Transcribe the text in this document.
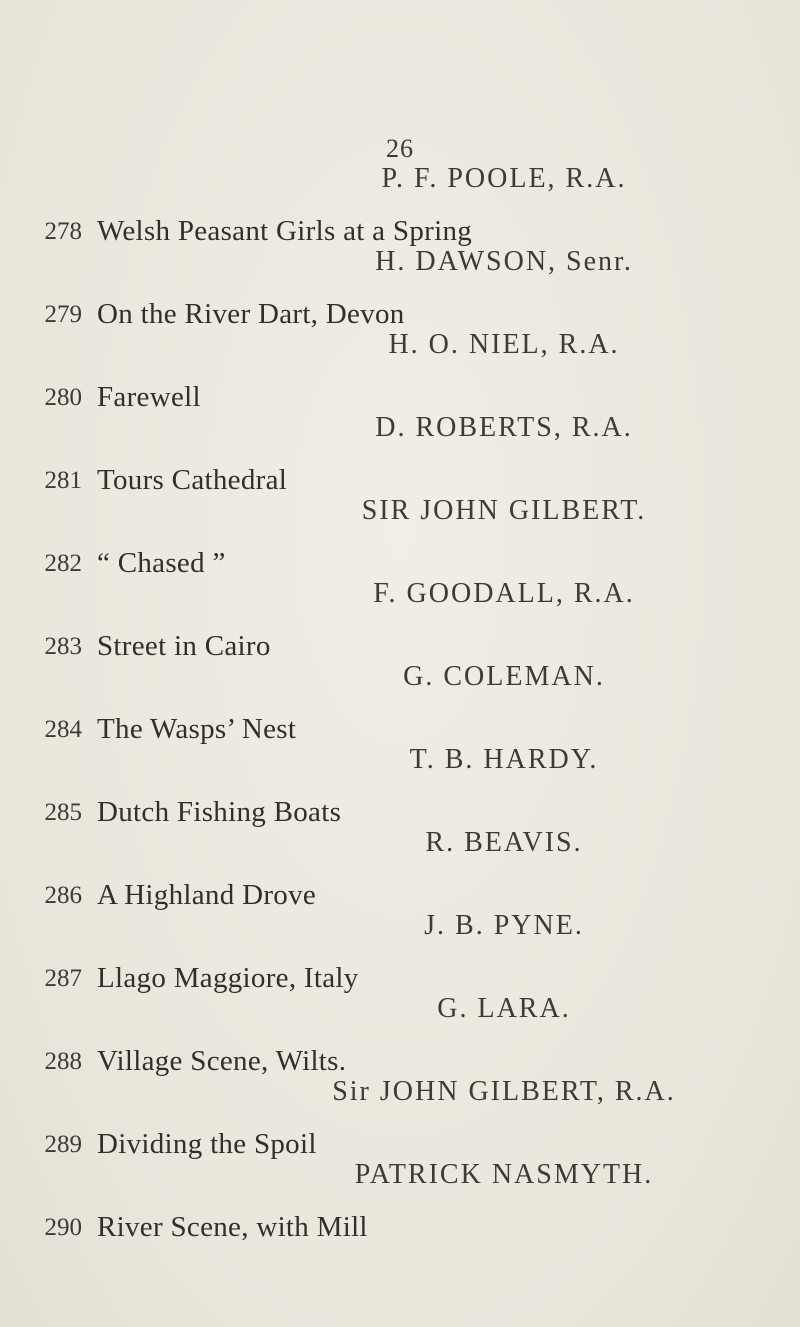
26
P. F. POOLE, R.A.
278 Welsh Peasant Girls at a Spring
H. DAWSON, Senr.
279 On the River Dart, Devon
H. O. NIEL, R.A.
280 Farewell
D. ROBERTS, R.A.
281 Tours Cathedral
SIR JOHN GILBERT.
282 “ Chased ”
F. GOODALL, R.A.
283 Street in Cairo
G. COLEMAN.
284 The Wasps’ Nest
T. B. HARDY.
285 Dutch Fishing Boats
R. BEAVIS.
286 A Highland Drove
J. B. PYNE.
287 Llago Maggiore, Italy
G. LARA.
288 Village Scene, Wilts.
Sir JOHN GILBERT, R.A.
289 Dividing the Spoil
PATRICK NASMYTH.
290 River Scene, with Mill
